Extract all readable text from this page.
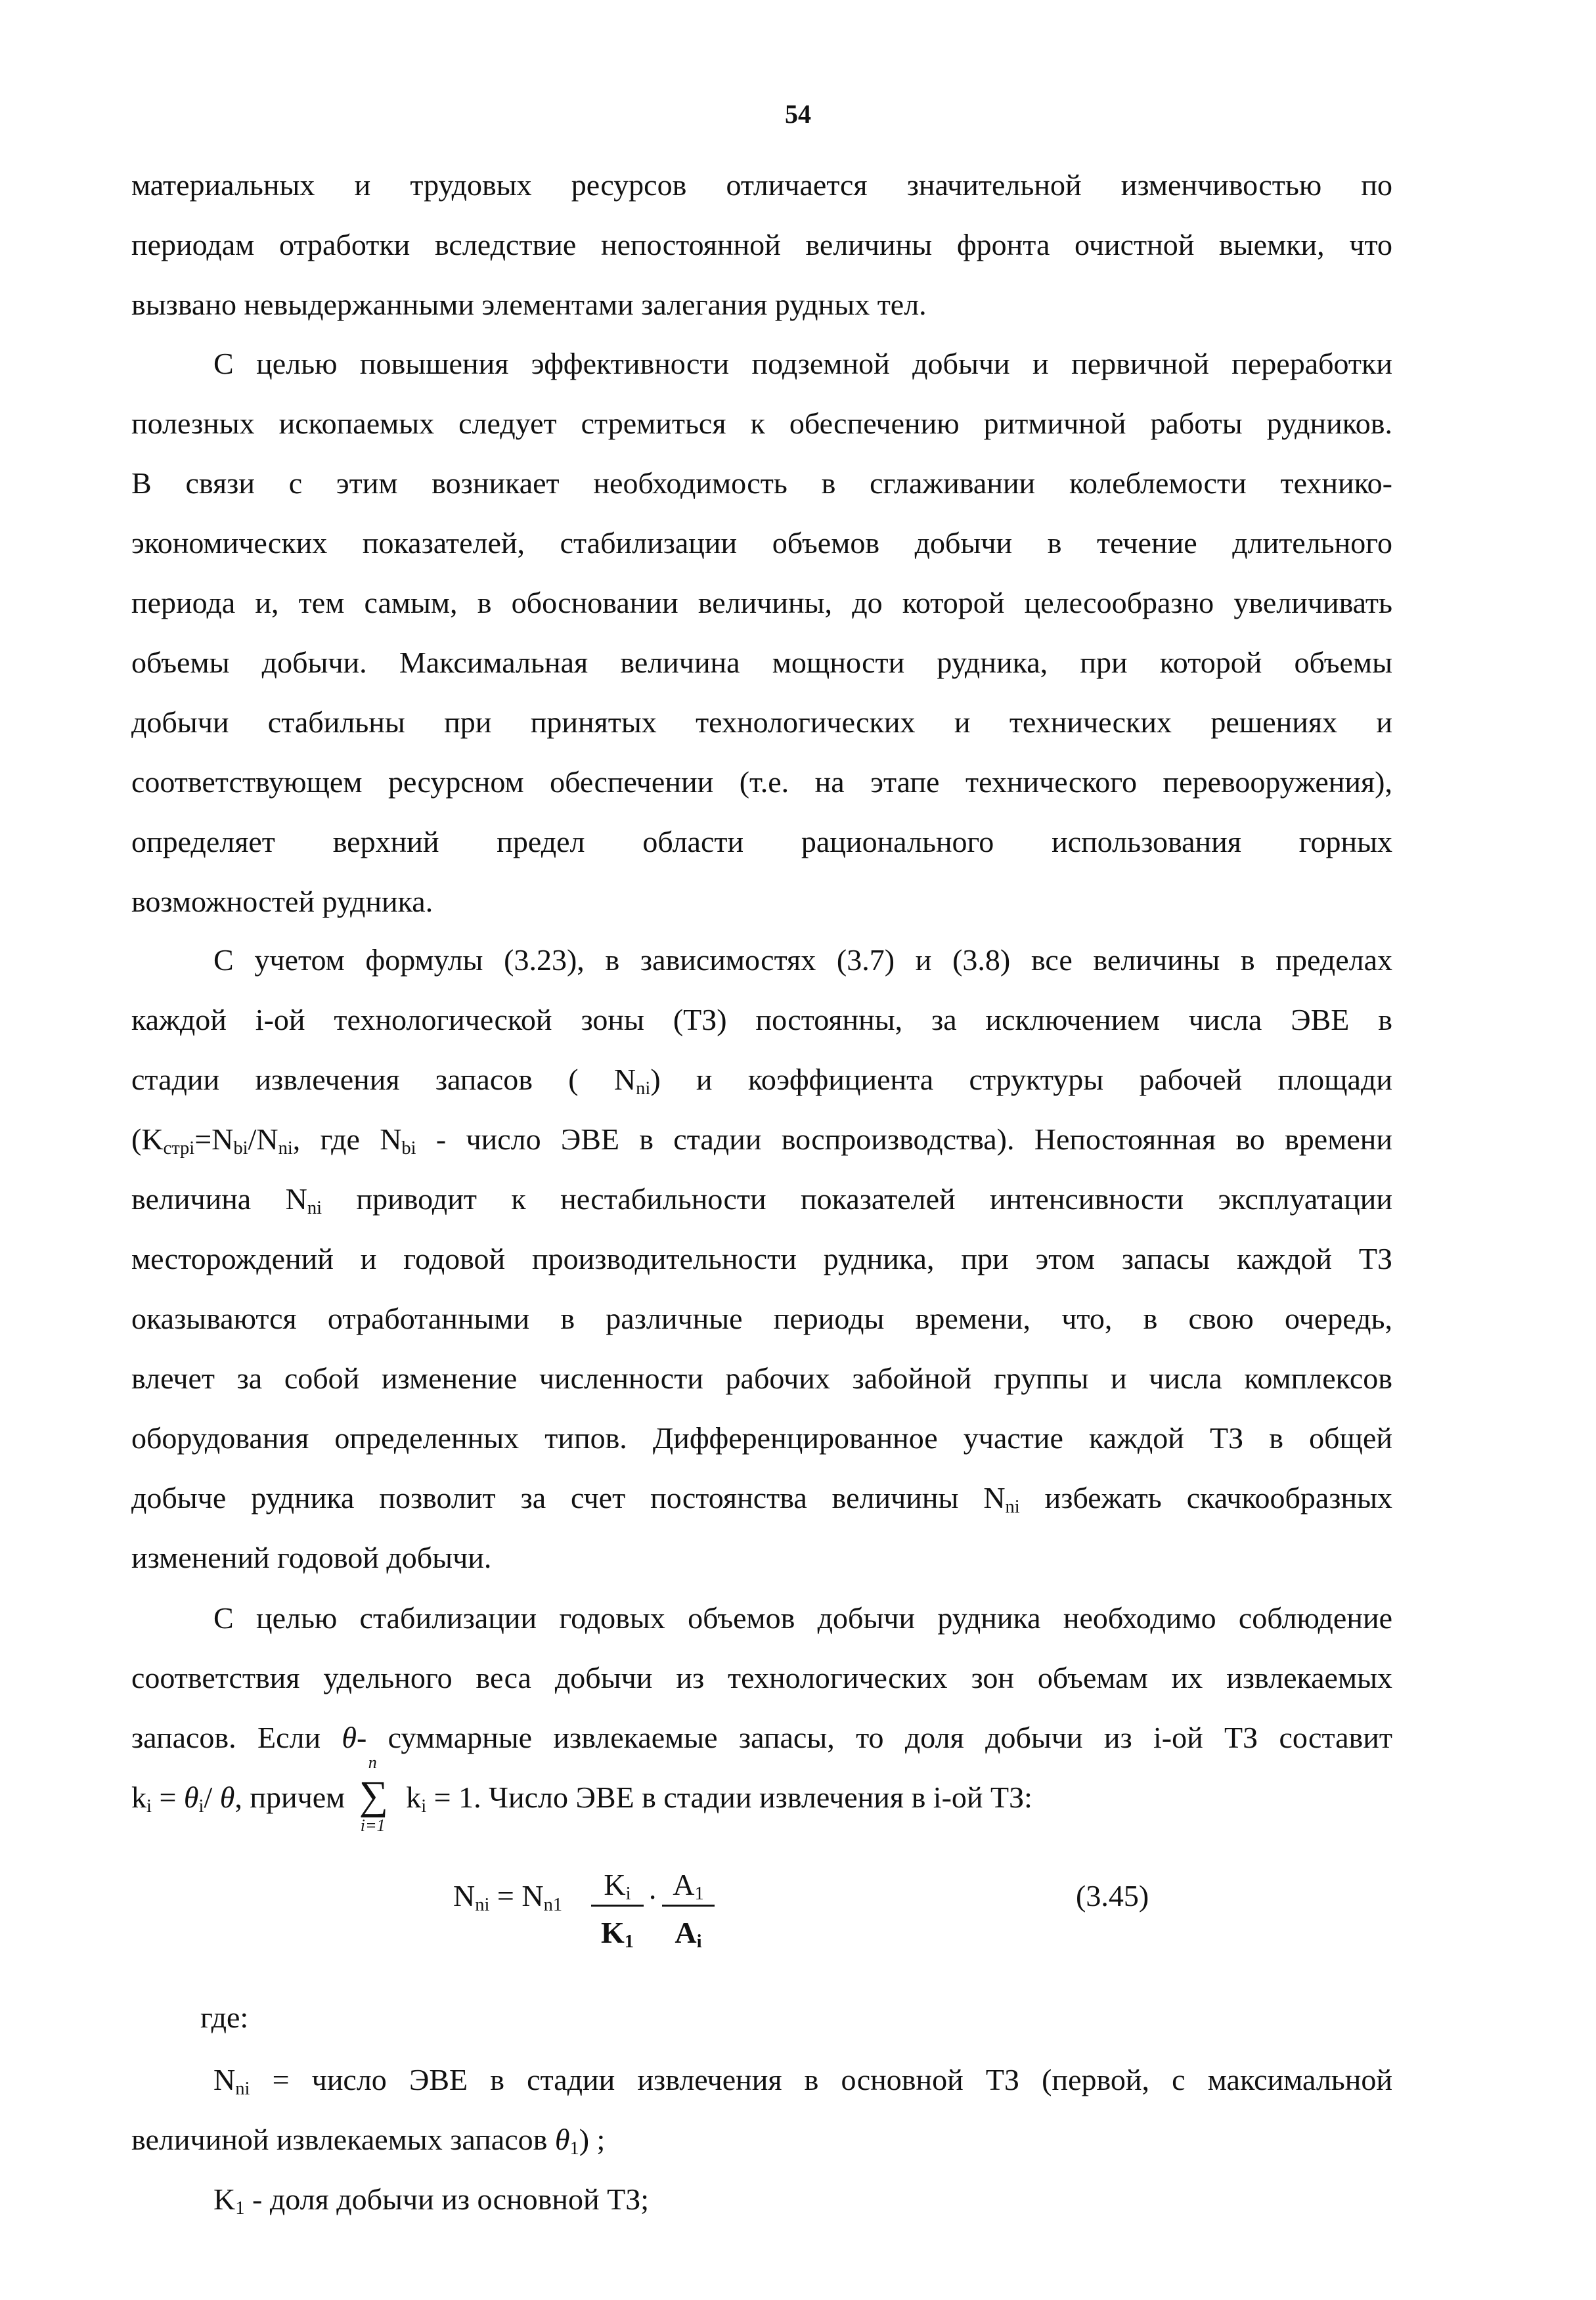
54

материальных и трудовых ресурсов отличается значительной изменчивостью по

периодам отработки вследствие непостоянной величины фронта очистной выемки, что

вызвано невыдержанными элементами залегания рудных тел.

С целью повышения эффективности подземной добычи и первичной переработки

полезных ископаемых следует стремиться к обеспечению ритмичной работы рудников.

В связи с этим возникает необходимость в сглаживании колеблемости технико-

экономических показателей, стабилизации объемов добычи в течение длительного

периода и, тем самым, в обосновании величины, до которой целесообразно увеличивать

объемы добычи. Максимальная величина мощности рудника, при которой объемы

добычи стабильны при принятых технологических и технических решениях и

соответствующем ресурсном обеспечении (т.е. на этапе технического перевооружения),

определяет верхний предел области рационального использования горных

возможностей рудника.

С учетом формулы (3.23), в зависимостях (3.7) и (3.8) все величины в пределах

каждой i-ой технологической зоны (ТЗ) постоянны, за исключением числа ЭВЕ в

стадии извлечения запасов ( $N_{ni}$) и коэффициента структуры рабочей площади

($K_{стрi}=N_{bi}/N_{ni}$, где $N_{bi}$ - число ЭВЕ в стадии воспроизводства). Непостоянная во времени

величина $N_{ni}$ приводит к нестабильности показателей интенсивности эксплуатации

месторождений и годовой производительности рудника, при этом запасы каждой ТЗ

оказываются отработанными в различные периоды времени, что, в свою очередь,

влечет за собой изменение численности рабочих забойной группы и числа комплексов

оборудования определенных типов. Дифференцированное участие каждой ТЗ в общей

добыче рудника позволит за счет постоянства величины $N_{ni}$ избежать скачкообразных

изменений годовой добычи.

С целью стабилизации годовых объемов добычи рудника необходимо соблюдение

соответствия удельного веса добычи из технологических зон объемам их извлекаемых

запасов. Если θ- суммарные извлекаемые запасы, то доля добычи из i-ой ТЗ составит

$k_i = \theta_i/$ θ, причем
n
∑
i=1
$k_i = 1$. Число ЭВЕ в стадии извлечения в i-ой ТЗ:

$N_{ni} = N_{n1} \frac{K_i}{K_1} \cdot \frac{A_1}{A_i}$	(3.45)

где:

$N_{ni}$ = число ЭВЕ в стадии извлечения в основной ТЗ (первой, с максимальной

величиной извлекаемых запасов $\theta_1$) ;

$K_1$ - доля добычи из основной ТЗ;
